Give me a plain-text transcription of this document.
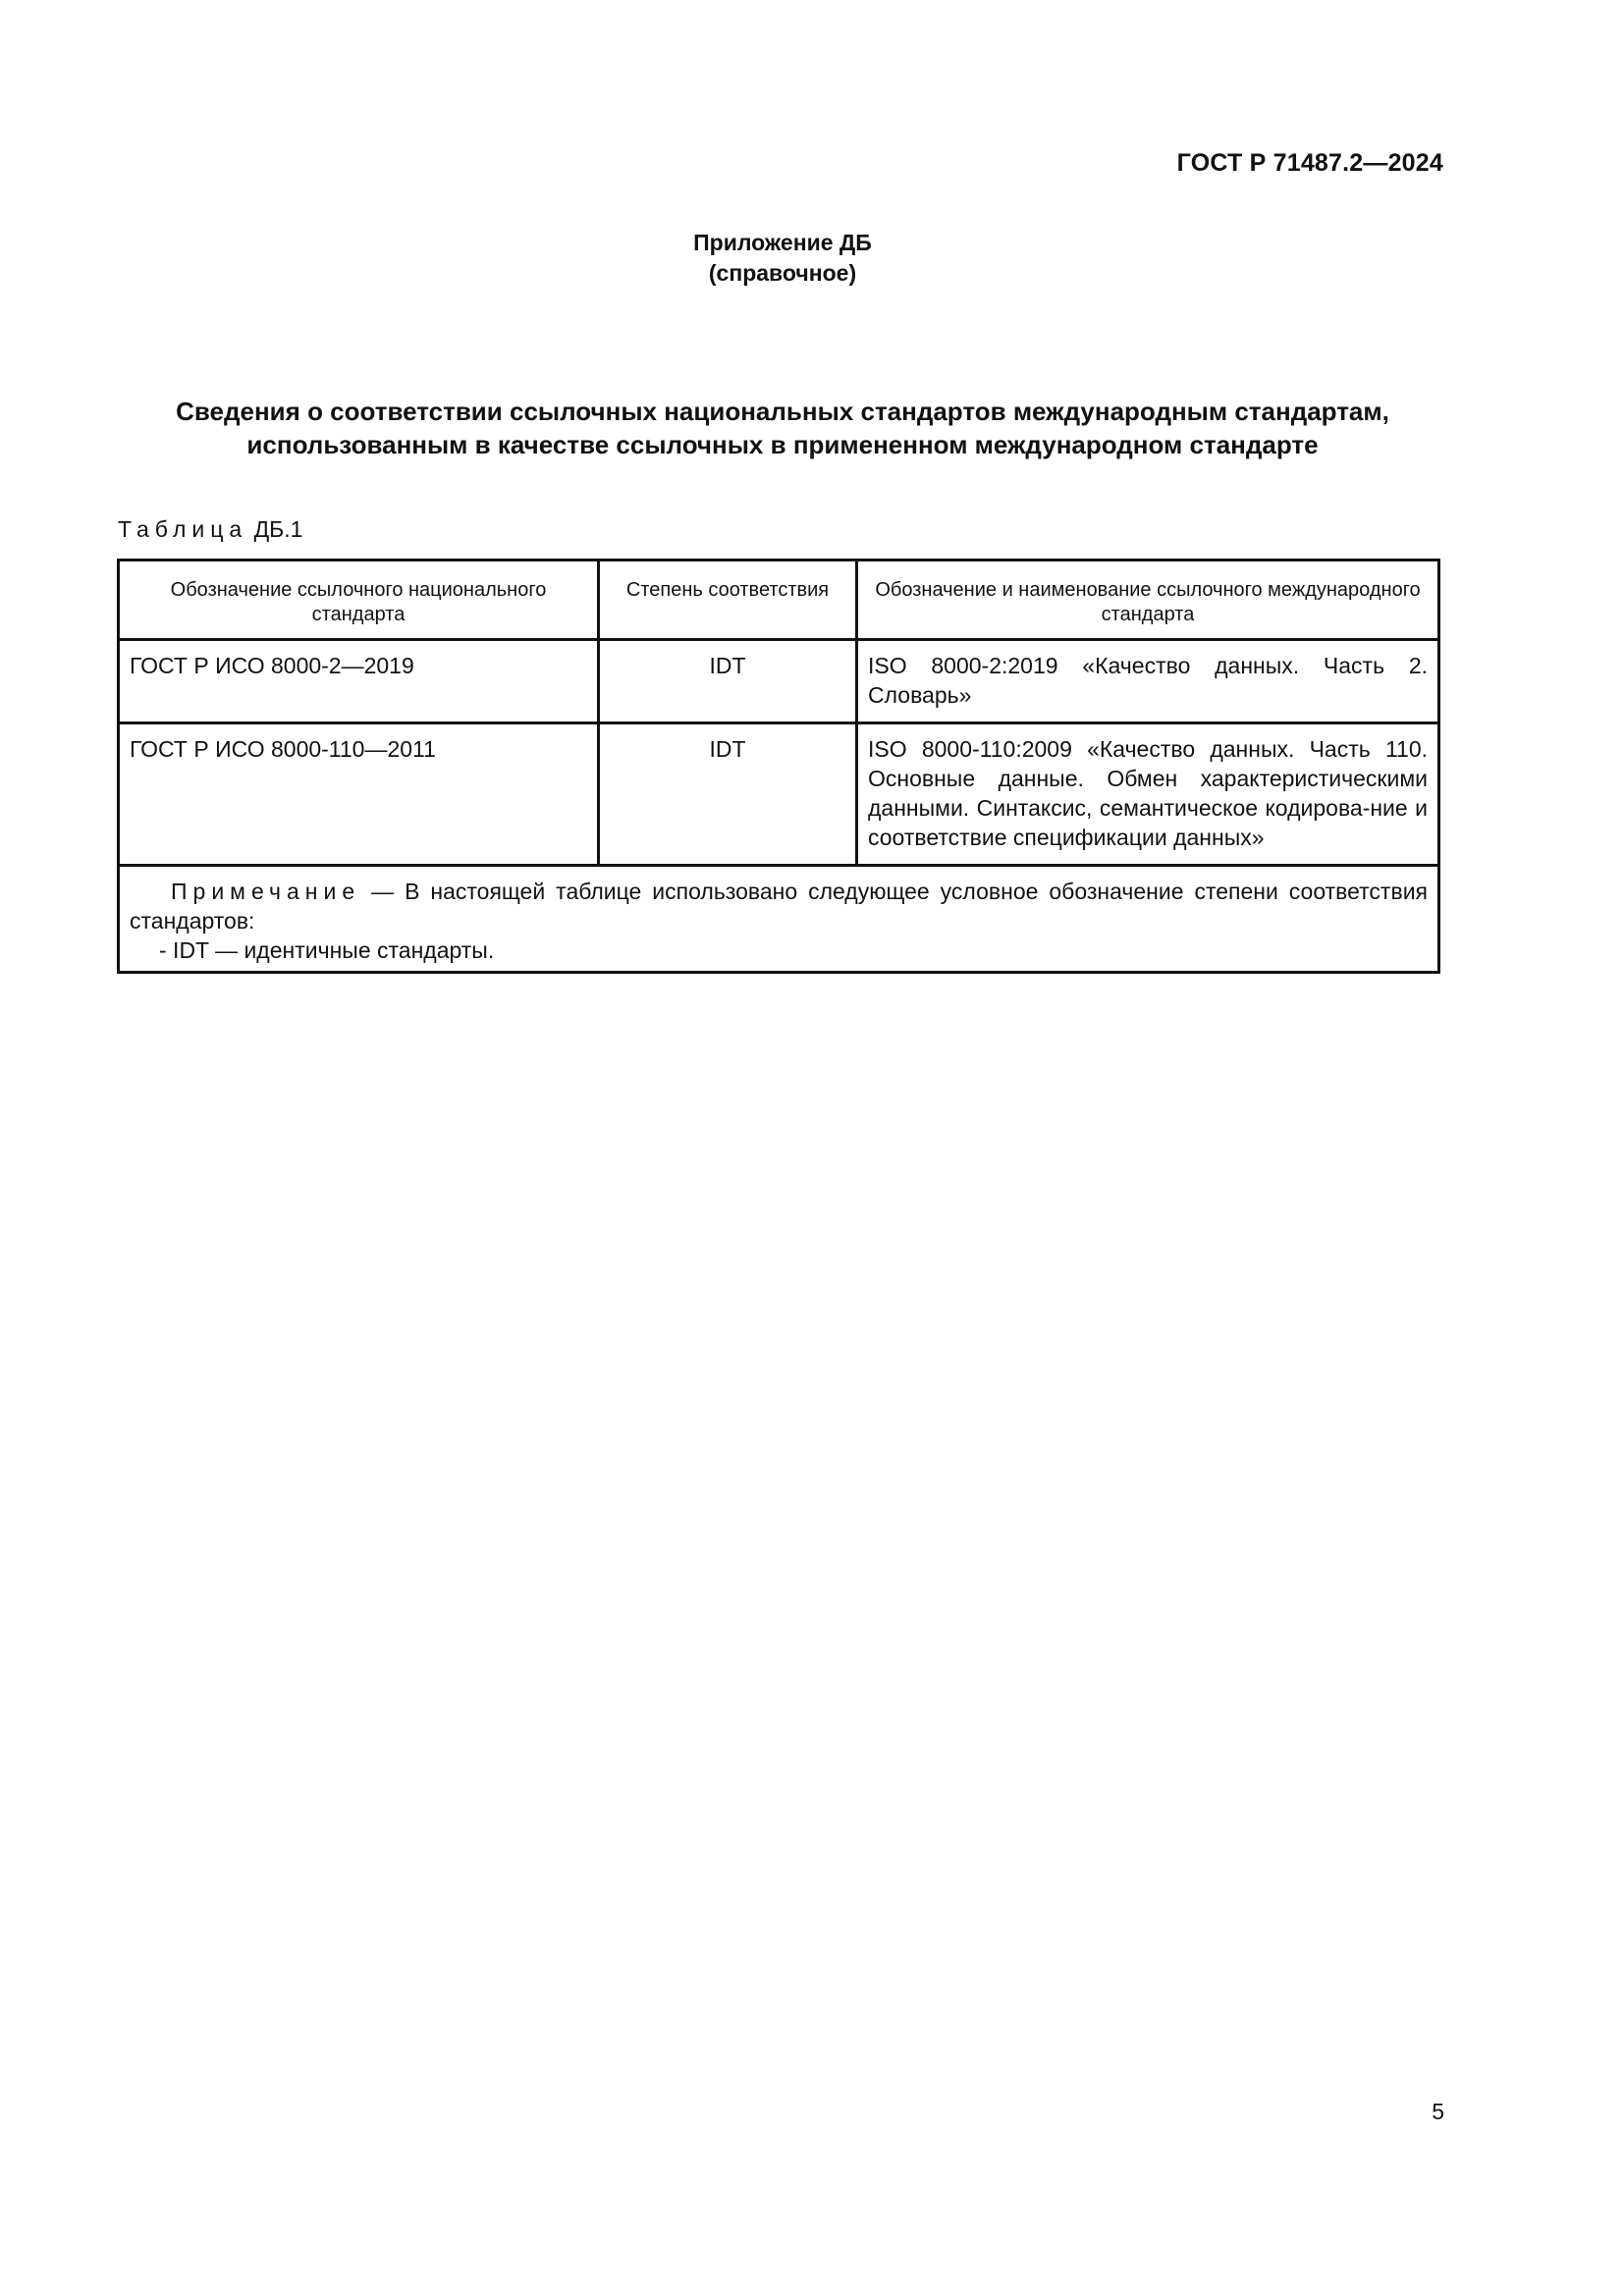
ГОСТ Р 71487.2—2024
Приложение ДБ
(справочное)
Сведения о соответствии ссылочных национальных стандартов международным стандартам,
использованным в качестве ссылочных в примененном международном стандарте
Таблица ДБ.1
Обозначение ссылочного национального стандарта	Степень соответствия	Обозначение и наименование ссылочного международного стандарта
ГОСТ Р ИСО 8000-2—2019	IDT	ISO 8000-2:2019 «Качество данных. Часть 2. Словарь»
ГОСТ Р ИСО 8000-110—2011	IDT	ISO 8000-110:2009 «Качество данных. Часть 110. Основные данные. Обмен характеристическими данными. Синтаксис, семантическое кодирова-ние и соответствие спецификации данных»
Примечание — В настоящей таблице использовано следующее условное обозначение степени соответствия стандартов:
- IDT — идентичные стандарты.		
5
